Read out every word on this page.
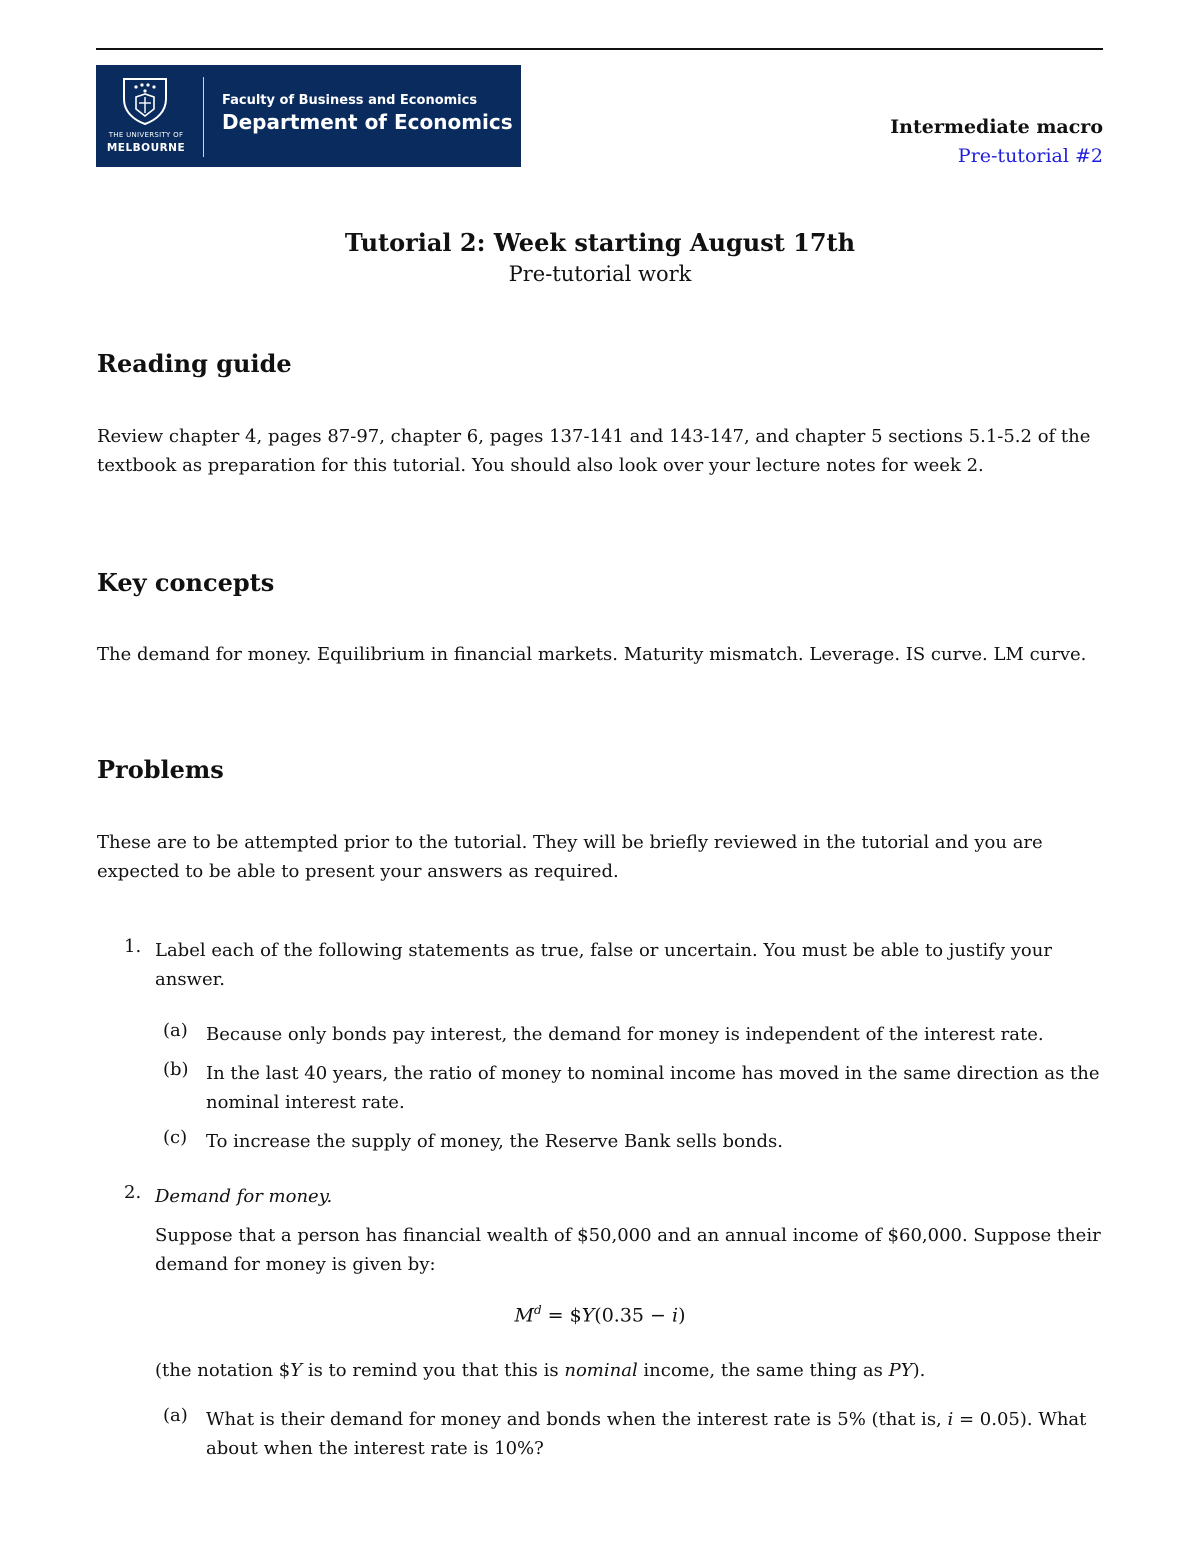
THE UNIVERSITY OF
MELBOURNE
Faculty of Business and Economics
Department of Economics	Intermediate macro
Pre-tutorial #2
Tutorial 2: Week starting August 17th
Pre-tutorial work
Reading guide
Review chapter 4, pages 87-97, chapter 6, pages 137-141 and 143-147, and chapter 5 sections 5.1-5.2 of the textbook as preparation for this tutorial. You should also look over your lecture notes for week 2.
Key concepts
The demand for money. Equilibrium in financial markets. Maturity mismatch. Leverage. IS curve. LM curve.
Problems
These are to be attempted prior to the tutorial. They will be briefly reviewed in the tutorial and you are expected to be able to present your answers as required.
1. Label each of the following statements as true, false or uncertain. You must be able to justify your answer.
(a) Because only bonds pay interest, the demand for money is independent of the interest rate.
(b) In the last 40 years, the ratio of money to nominal income has moved in the same direction as the nominal interest rate.
(c) To increase the supply of money, the Reserve Bank sells bonds.
2. Demand for money.
Suppose that a person has financial wealth of $50,000 and an annual income of $60,000. Suppose their demand for money is given by:
$M^d$ = $Y(0.35 − i)
(the notation $Y is to remind you that this is nominal income, the same thing as PY).
(a) What is their demand for money and bonds when the interest rate is 5% (that is, i = 0.05). What about when the interest rate is 10%?
